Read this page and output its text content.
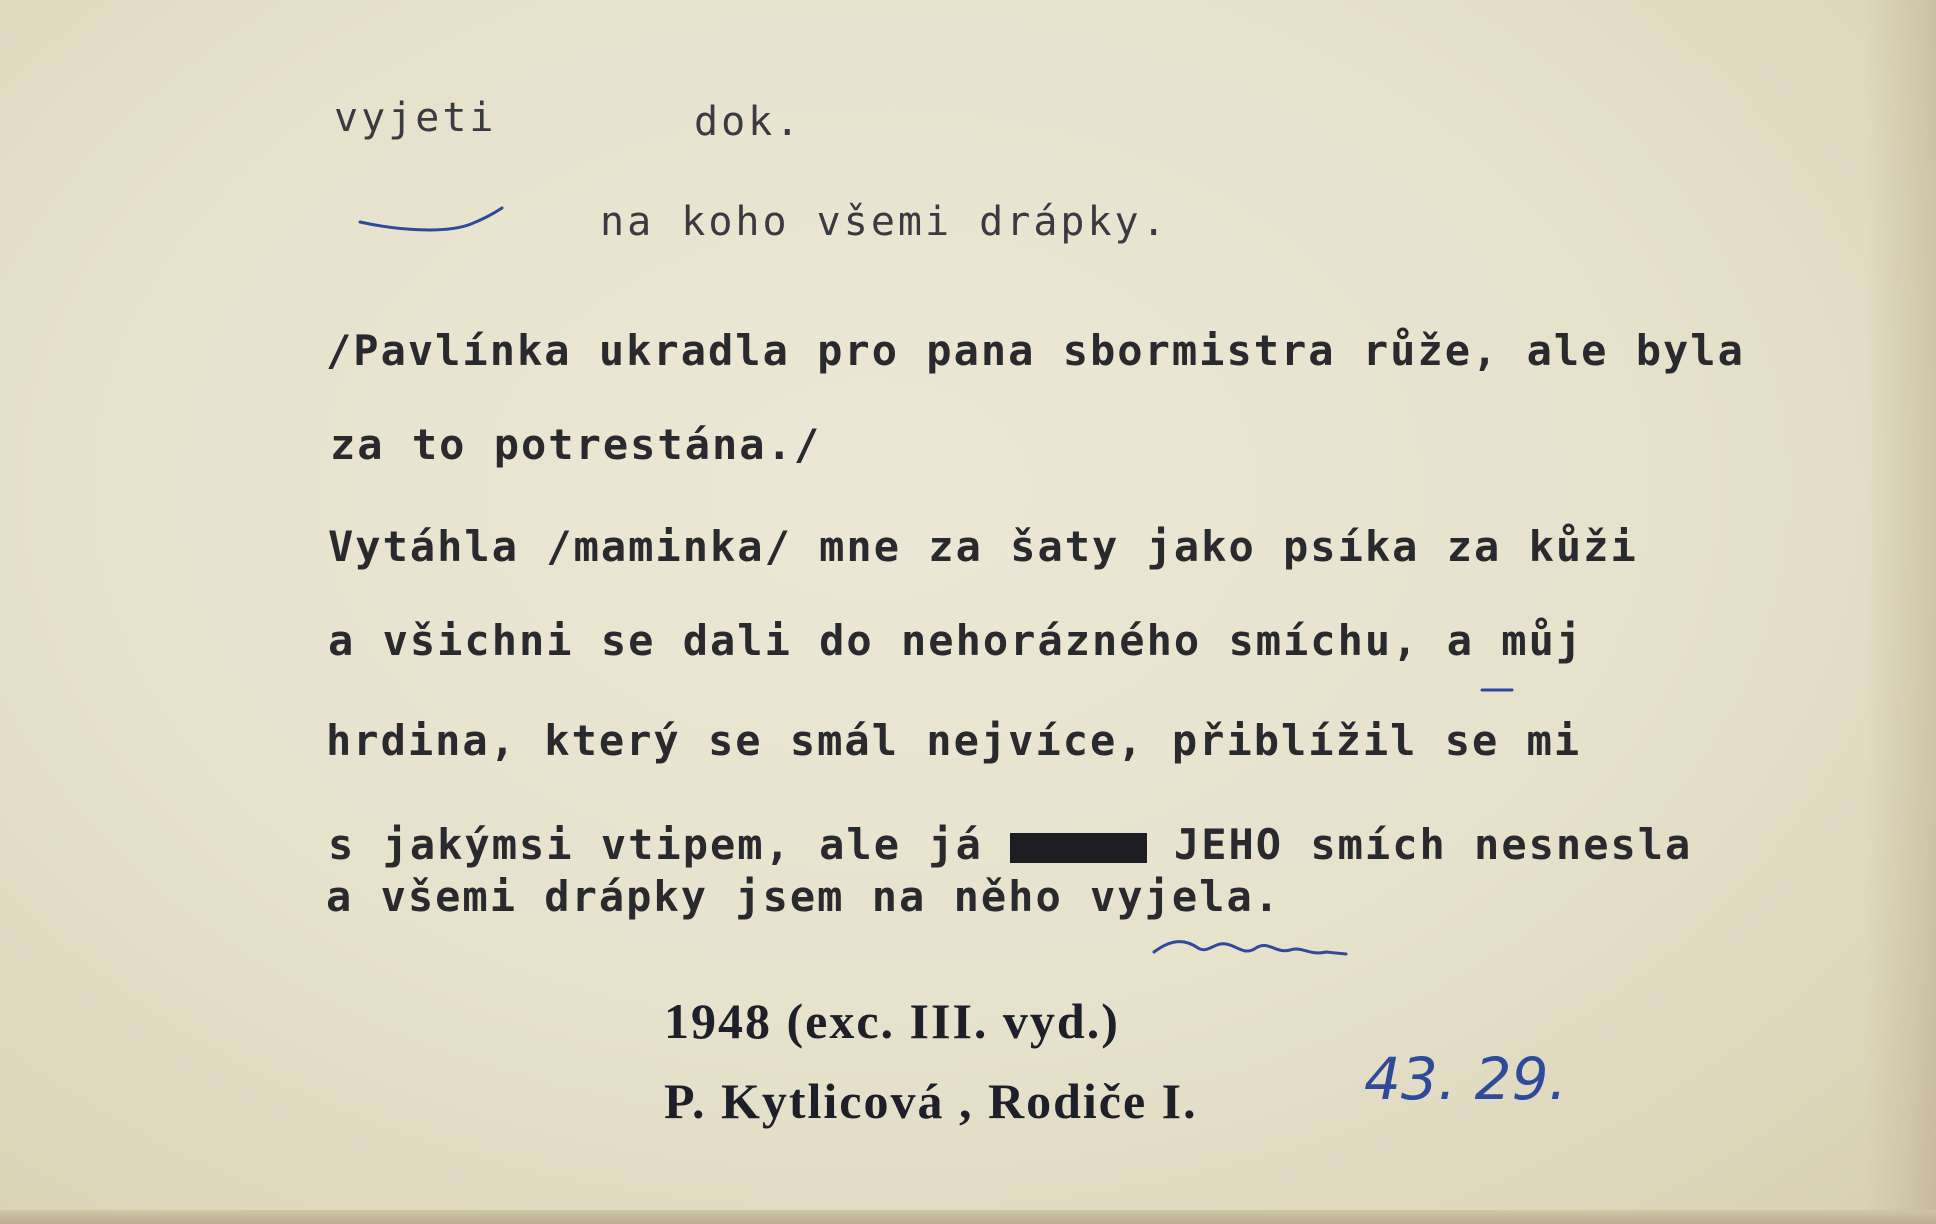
vyjeti	dok.
na koho všemi drápky.
/Pavlínka ukradla pro pana sbormistra růže, ale byla
za to potrestána./
Vytáhla /maminka/ mne za šaty jako psíka za kůži
a všichni se dali do nehorázného smíchu, a můj
hrdina, který se smál nejvíce, přiblížil se mi
s jakýmsi vtipem, ale já	JEHO smích nesnesla
a všemi drápky jsem na něho vyjela.
1948 (exc. III. vyd.)
P. Kytlicová , Rodiče I.	43. 29.
